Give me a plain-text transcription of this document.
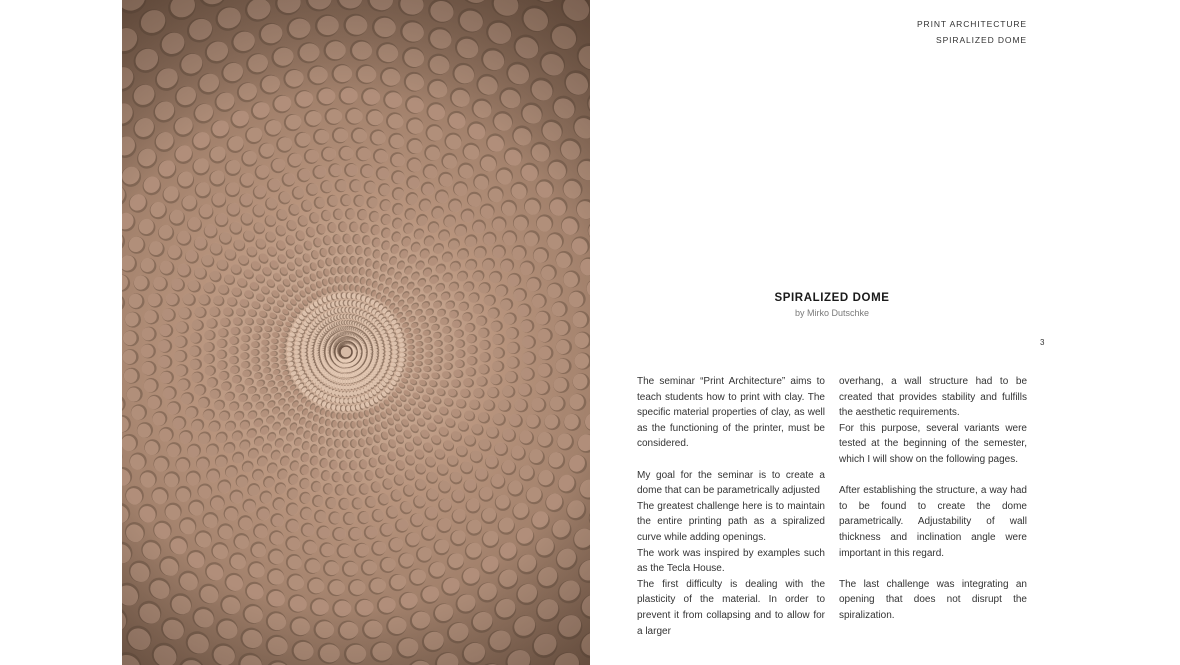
PRINT ARCHITECTURE
SPIRALIZED DOME
SPIRALIZED DOME
by Mirko Dutschke
3

The seminar “Print Architecture” aims to teach students how to print with clay. The specific material properties of clay, as well as the functioning of the printer, must be considered.

My goal for the seminar is to create a dome that can be parametrically adjusted

The greatest challenge here is to maintain the entire printing path as a spiralized curve while adding openings.

The work was inspired by examples such as the Tecla House.

The first difficulty is dealing with the plasticity of the material. In order to prevent it from collapsing and to allow for a larger

overhang, a wall structure had to be created that provides stability and fulfills the aesthetic requirements.

For this purpose, several variants were tested at the beginning of the semester, which I will show on the following pages.

After establishing the structure, a way had to be found to create the dome parametrically. Adjustability of wall thickness and inclination angle were important in this regard.

The last challenge was integrating an opening that does not disrupt the spiralization.
